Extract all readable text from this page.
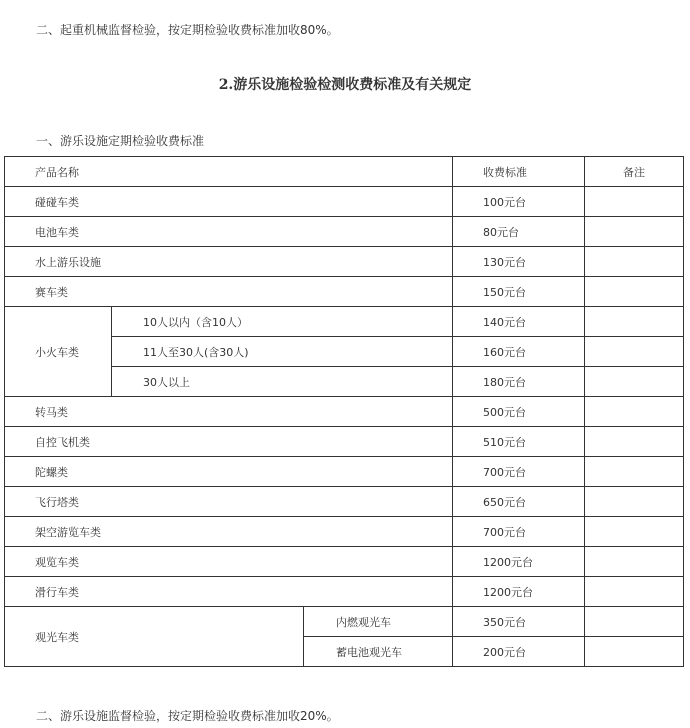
二、起重机械监督检验，按定期检验收费标准加收80%。
2.游乐设施检验检测收费标准及有关规定
一、游乐设施定期检验收费标准
产品名称			收费标准	备注
碰碰车类			100元台	
电池车类			80元台	
水上游乐设施			130元台	
赛车类			150元台	
小火车类	10人以内（含10人）		140元台	
	11人至30人(含30人)		160元台	
	30人以上		180元台	
转马类			500元台	
自控飞机类			510元台	
陀螺类			700元台	
飞行塔类			650元台	
架空游览车类			700元台	
观览车类			1200元台	
滑行车类			1200元台	
观光车类		内燃观光车	350元台	
		蓄电池观光车	200元台	
二、游乐设施监督检验，按定期检验收费标准加收20%。
